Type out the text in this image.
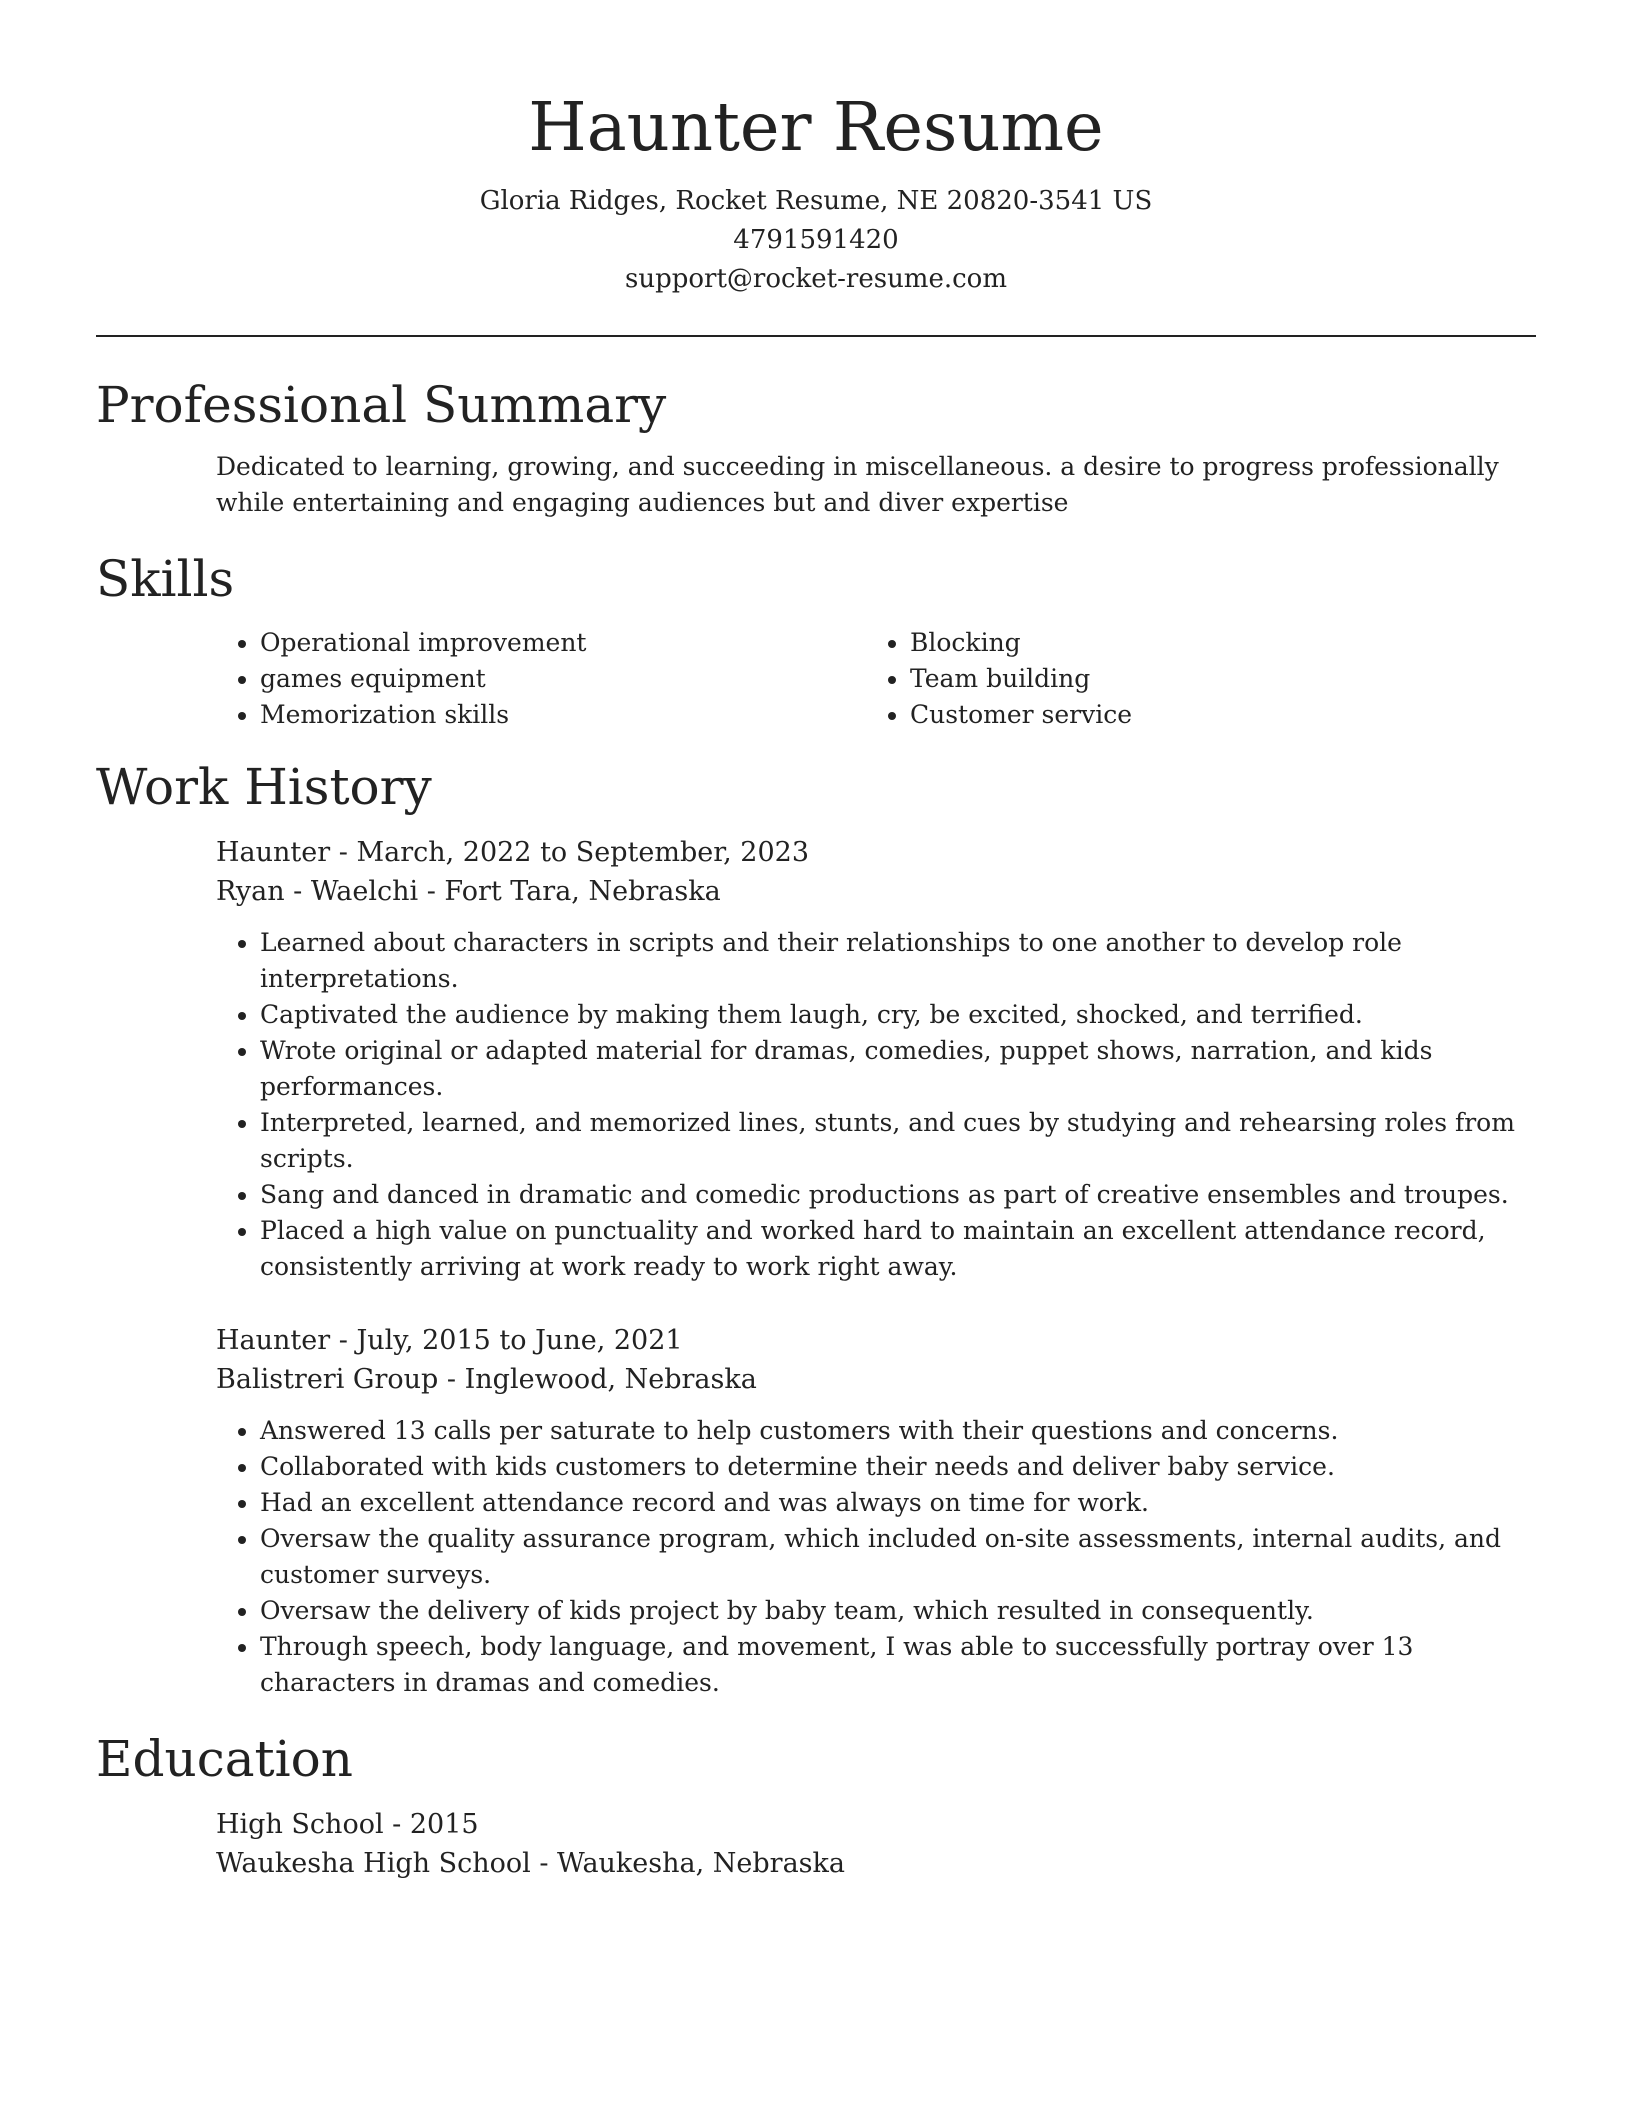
Haunter Resume
Gloria Ridges, Rocket Resume, NE 20820-3541 US
4791591420
support@rocket-resume.com
Professional Summary
Dedicated to learning, growing, and succeeding in miscellaneous. a desire to progress professionally while entertaining and engaging audiences but and diver expertise
Skills
• Operational improvement
• games equipment
• Memorization skills
• Blocking
• Team building
• Customer service
Work History
Haunter - March, 2022 to September, 2023
Ryan - Waelchi - Fort Tara, Nebraska
• Learned about characters in scripts and their relationships to one another to develop role interpretations.
• Captivated the audience by making them laugh, cry, be excited, shocked, and terrified.
• Wrote original or adapted material for dramas, comedies, puppet shows, narration, and kids performances.
• Interpreted, learned, and memorized lines, stunts, and cues by studying and rehearsing roles from scripts.
• Sang and danced in dramatic and comedic productions as part of creative ensembles and troupes.
• Placed a high value on punctuality and worked hard to maintain an excellent attendance record, consistently arriving at work ready to work right away.
Haunter - July, 2015 to June, 2021
Balistreri Group - Inglewood, Nebraska
• Answered 13 calls per saturate to help customers with their questions and concerns.
• Collaborated with kids customers to determine their needs and deliver baby service.
• Had an excellent attendance record and was always on time for work.
• Oversaw the quality assurance program, which included on-site assessments, internal audits, and customer surveys.
• Oversaw the delivery of kids project by baby team, which resulted in consequently.
• Through speech, body language, and movement, I was able to successfully portray over 13 characters in dramas and comedies.
Education
High School - 2015
Waukesha High School - Waukesha, Nebraska
